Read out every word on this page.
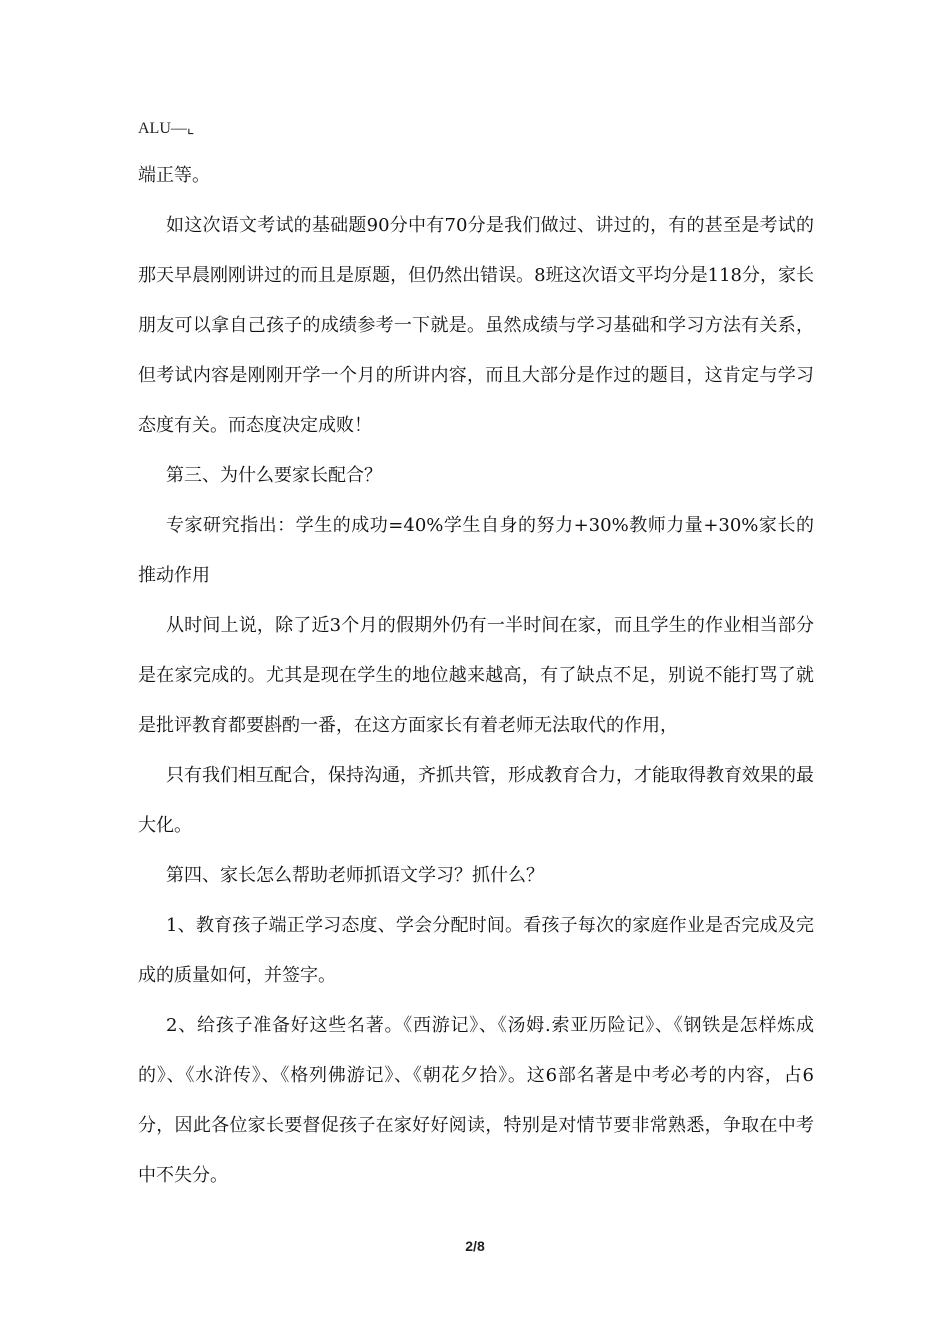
ALU—⌞

端正等。

如这次语文考试的基础题90分中有70分是我们做过、讲过的，有的甚至是考试的那天早晨刚刚讲过的而且是原题，但仍然出错误。8班这次语文平均分是118分，家长朋友可以拿自己孩子的成绩参考一下就是。虽然成绩与学习基础和学习方法有关系，但考试内容是刚刚开学一个月的所讲内容，而且大部分是作过的题目，这肯定与学习态度有关。而态度决定成败！

第三、为什么要家长配合？

专家研究指出：学生的成功=40%学生自身的努力+30%教师力量+30%家长的推动作用

从时间上说，除了近3个月的假期外仍有一半时间在家，而且学生的作业相当部分是在家完成的。尤其是现在学生的地位越来越高，有了缺点不足，别说不能打骂了就是批评教育都要斟酌一番，在这方面家长有着老师无法取代的作用，

只有我们相互配合，保持沟通，齐抓共管，形成教育合力，才能取得教育效果的最大化。

第四、家长怎么帮助老师抓语文学习？抓什么？

1、教育孩子端正学习态度、学会分配时间。看孩子每次的家庭作业是否完成及完成的质量如何，并签字。

2、给孩子准备好这些名著。《西游记》、《汤姆.索亚历险记》、《钢铁是怎样炼成的》、《水浒传》、《格列佛游记》、《朝花夕拾》。这6部名著是中考必考的内容，占6分，因此各位家长要督促孩子在家好好阅读，特别是对情节要非常熟悉，争取在中考中不失分。

2/8
